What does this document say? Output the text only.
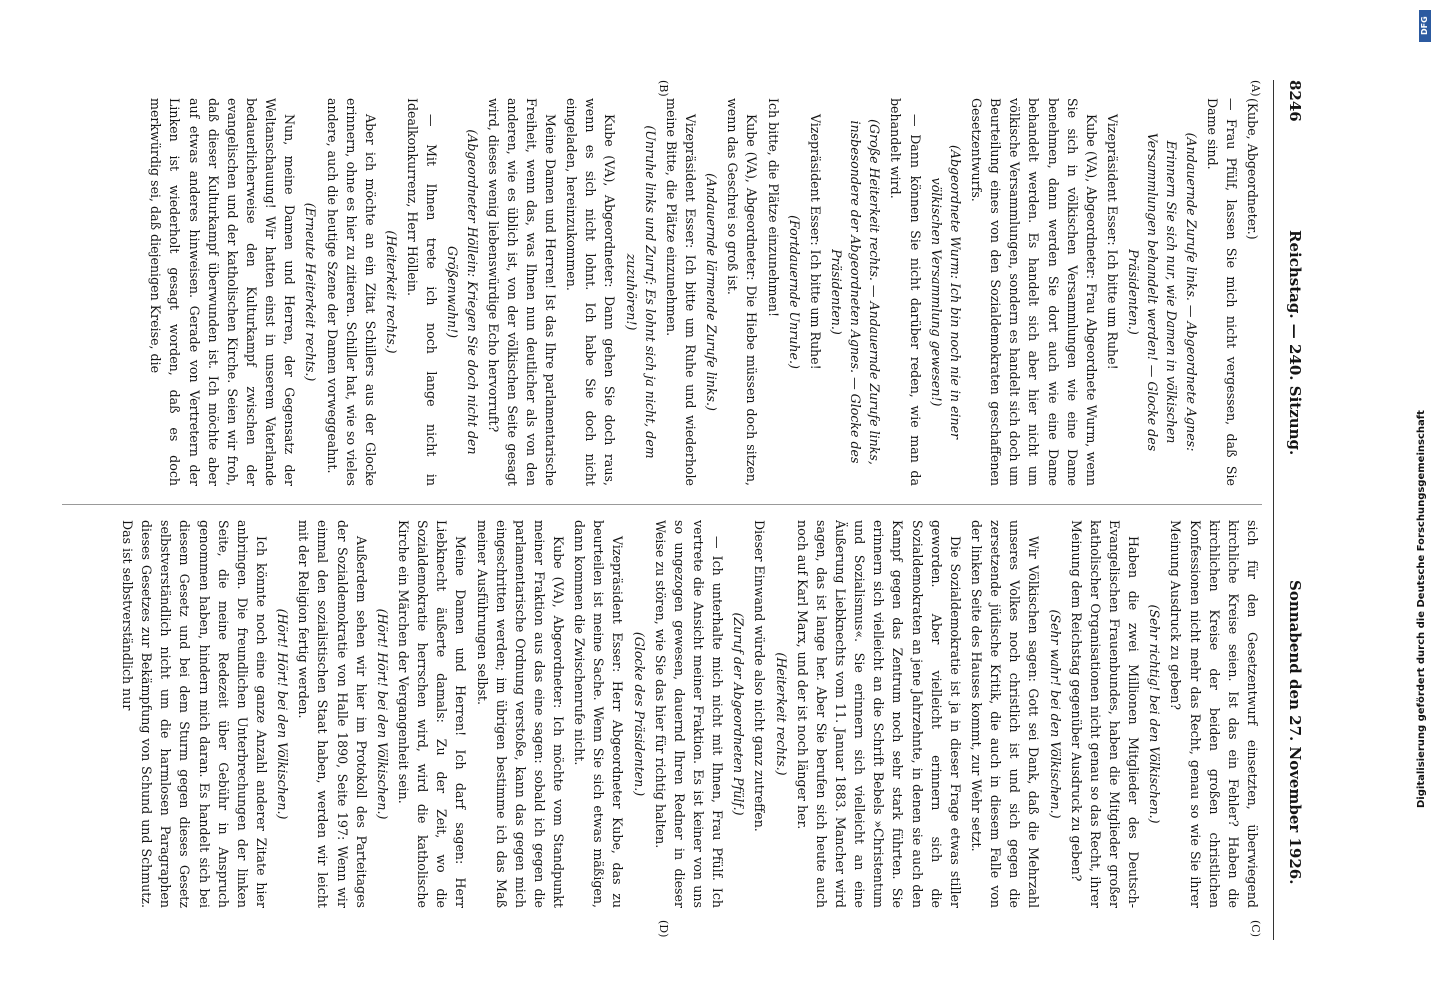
8246
Reichstag. — 240. Sitzung.
Sonnabend den 27. November 1926.
(A)
(B)
(C)
(D)

(Kube, Abgeordneter.)

— Frau Pfülf, lassen Sie mich nicht vergessen, daß Sie Dame sind.

(Andauernde Zurufe links. — Abgeordnete Agnes: Erinnern Sie sich nur, wie Damen in völkischen Versammlungen behandelt werden! — Glocke des Präsidenten.)

Vizepräsident Esser: Ich bitte um Ruhe!

Kube (VA), Abgeordneter: Frau Abgeordnete Wurm, wenn Sie sich in völkischen Versammlungen wie eine Dame benehmen, dann werden Sie dort auch wie eine Dame behandelt werden. Es handelt sich aber hier nicht um völkische Versammlungen, sondern es handelt sich doch um Beurteilung eines von den Sozialdemokraten geschaffenen Gesetzentwurfs.

(Abgeordnete Wurm: Ich bin noch nie in einer völkischen Versammlung gewesen!)

— Dann können Sie nicht darüber reden, wie man da behandelt wird.

(Große Heiterkeit rechts. — Andauernde Zurufe links, insbesondere der Abgeordneten Agnes. — Glocke des Präsidenten.)

Vizepräsident Esser: Ich bitte um Ruhe!

(Fortdauernde Unruhe.)

Ich bitte, die Plätze einzunehmen!

Kube (VA), Abgeordneter: Die Hiebe müssen doch sitzen, wenn das Geschrei so groß ist.

(Andauernde lärmende Zurufe links.)

Vizepräsident Esser: Ich bitte um Ruhe und wiederhole meine Bitte, die Plätze einzunehmen.

(Unruhe links und Zuruf: Es lohnt sich ja nicht, dem zuzuhören!)

Kube (VA), Abgeordneter: Dann gehen Sie doch raus, wenn es sich nicht lohnt. Ich habe Sie doch nicht eingeladen, hereinzukommen.

Meine Damen und Herren! Ist das Ihre parlamentarische Freiheit, wenn das, was Ihnen nun deutlicher als von den anderen, wie es üblich ist, von der völkischen Seite gesagt wird, dieses wenig liebenswürdige Echo hervorruft?

(Abgeordneter Höllein: Kriegen Sie doch nicht den Größenwahn!)

— Mit Ihnen trete ich noch lange nicht in Idealkonkurrenz, Herr Höllein.

(Heiterkeit rechts.)

Aber ich möchte an ein Zitat Schillers aus der Glocke erinnern, ohne es hier zu zitieren. Schiller hat, wie so vieles andere, auch die heutige Szene der Damen vorweggeahnt.

(Erneute Heiterkeit rechts.)

Nun, meine Damen und Herren, der Gegensatz der Weltanschauung! Wir hatten einst in unserem Vaterlande bedauerlicherweise den Kulturkampf zwischen der evangelischen und der katholischen Kirche. Seien wir froh, daß dieser Kulturkampf überwunden ist. Ich möchte aber auf etwas anderes hinweisen. Gerade von Vertretern der Linken ist wiederholt gesagt worden, daß es doch merkwürdig sei, daß diejenigen Kreise, die

sich für den Gesetzentwurf einsetzten, überwiegend kirchliche Kreise seien. Ist das ein Fehler? Haben die kirchlichen Kreise der beiden großen christlichen Konfessionen nicht mehr das Recht, genau so wie Sie ihrer Meinung Ausdruck zu geben?

(Sehr richtig! bei den Völkischen.)

Haben die zwei Millionen Mitglieder des Deutsch-Evangelischen Frauenbundes, haben die Mitglieder großer katholischer Organisationen nicht genau so das Recht, ihrer Meinung dem Reichstag gegenüber Ausdruck zu geben?

(Sehr wahr! bei den Völkischen.)

Wir Völkischen sagen: Gott sei Dank, daß die Mehrzahl unseres Volkes noch christlich ist und sich gegen die zersetzende jüdische Kritik, die auch in diesem Falle von der linken Seite des Hauses kommt, zur Wehr setzt.

Die Sozialdemokratie ist ja in dieser Frage etwas stiller geworden. Aber vielleicht erinnern sich die Sozialdemokraten an jene Jahrzehnte, in denen sie auch den Kampf gegen das Zentrum noch sehr stark führten. Sie erinnern sich vielleicht an die Schrift Bebels »Christentum und Sozialismus«. Sie erinnern sich vielleicht an eine Äußerung Liebknechts vom 11. Januar 1883. Mancher wird sagen, das ist lange her. Aber Sie berufen sich heute auch noch auf Karl Marx, und der ist noch länger her.

(Heiterkeit rechts.)

Dieser Einwand würde also nicht ganz zutreffen.

(Zuruf der Abgeordneten Pfülf.)

— Ich unterhalte mich nicht mit Ihnen, Frau Pfülf. Ich vertrete die Ansicht meiner Fraktion. Es ist keiner von uns so ungezogen gewesen, dauernd Ihren Redner in dieser Weise zu stören, wie Sie das hier für richtig halten.

(Glocke des Präsidenten.)

Vizepräsident Esser: Herr Abgeordneter Kube, das zu beurteilen ist meine Sache. Wenn Sie sich etwas mäßigen, dann kommen die Zwischenrufe nicht.

Kube (VA), Abgeordneter: Ich möchte vom Standpunkt meiner Fraktion aus das eine sagen: sobald ich gegen die parlamentarische Ordnung verstoße, kann das gegen mich eingeschritten werden; im übrigen bestimme ich das Maß meiner Ausführungen selbst.

Meine Damen und Herren! Ich darf sagen: Herr Liebknecht äußerte damals: Zu der Zeit, wo die Sozialdemokratie herrschen wird, wird die katholische Kirche ein Märchen der Vergangenheit sein.

(Hört! Hört! bei den Völkischen.)

Außerdem sehen wir hier im Protokoll des Parteitages der Sozialdemokratie von Halle 1890, Seite 197: Wenn wir einmal den sozialistischen Staat haben, werden wir leicht mit der Religion fertig werden.

(Hört! Hört! bei den Völkischen.)

Ich könnte noch eine ganze Anzahl anderer Zitate hier anbringen. Die freundlichen Unterbrechungen der linken Seite, die meine Redezeit über Gebühr in Anspruch genommen haben, hindern mich daran. Es handelt sich bei diesem Gesetz und bei dem Sturm gegen dieses Gesetz selbstverständlich nicht um die harmlosen Paragraphen dieses Gesetzes zur Bekämpfung von Schund und Schmutz. Das ist selbstverständlich nur

DFG
Digitalisierung gefördert durch die Deutsche Forschungsgemeinschaft
